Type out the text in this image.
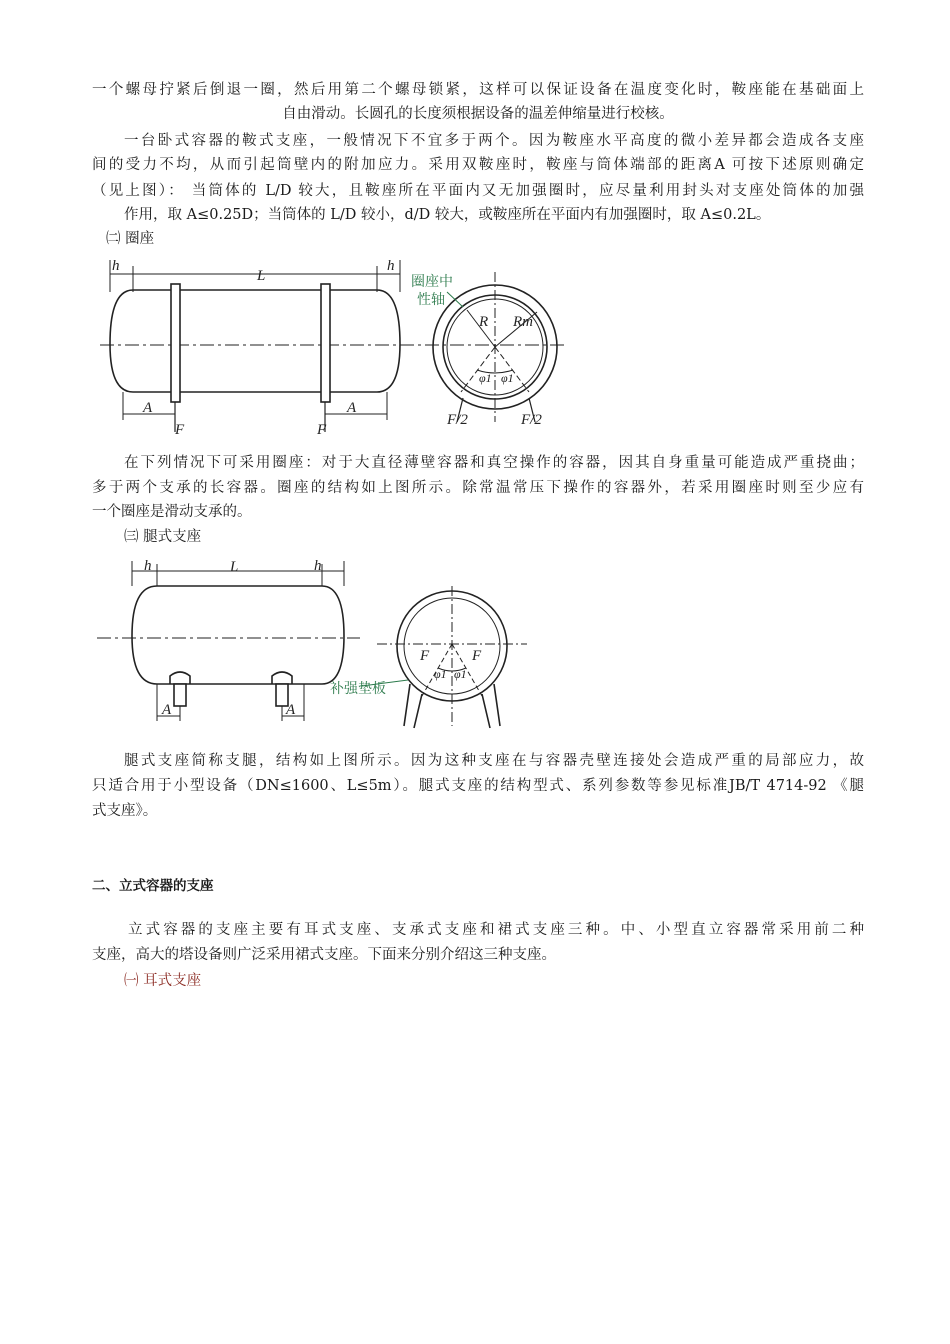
一个螺母拧紧后倒退一圈，然后用第二个螺母锁紧，这样可以保证设备在温度变化时，鞍座能在基础面上
自由滑动。长圆孔的长度须根据设备的温差伸缩量进行校核。
一台卧式容器的鞍式支座，一般情况下不宜多于两个。因为鞍座水平高度的微小差异都会造成各支座
间的受力不均，从而引起筒壁内的附加应力。采用双鞍座时，鞍座与筒体端部的距离A 可按下述原则确定
（见上图）： 当筒体的 L/D 较大，且鞍座所在平面内又无加强圈时，应尽量利用封头对支座处筒体的加强
作用，取 A≤0.25D；当筒体的 L/D 较小，d/D 较大，或鞍座所在平面内有加强圈时，取 A≤0.2L。
㈡ 圈座
h
L
h
A	A
F	F
圈座中
性轴
R Rm
φ1 φ1
F/2	F/2
在下列情况下可采用圈座：对于大直径薄壁容器和真空操作的容器，因其自身重量可能造成严重挠曲；
多于两个支承的长容器。圈座的结构如上图所示。除常温常压下操作的容器外，若采用圈座时则至少应有
一个圈座是滑动支承的。
㈢ 腿式支座
h	L	h
A	A
补强垫板
F	F
φ1 φ1
腿式支座简称支腿，结构如上图所示。因为这种支座在与容器壳壁连接处会造成严重的局部应力，故
只适合用于小型设备（DN≤1600、L≤5m）。腿式支座的结构型式、系列参数等参见标准JB/T 4714-92 《腿
式支座》。
二、立式容器的支座
立式容器的支座主要有耳式支座、支承式支座和裙式支座三种。中、小型直立容器常采用前二种
支座，高大的塔设备则广泛采用裙式支座。下面来分别介绍这三种支座。
㈠ 耳式支座
